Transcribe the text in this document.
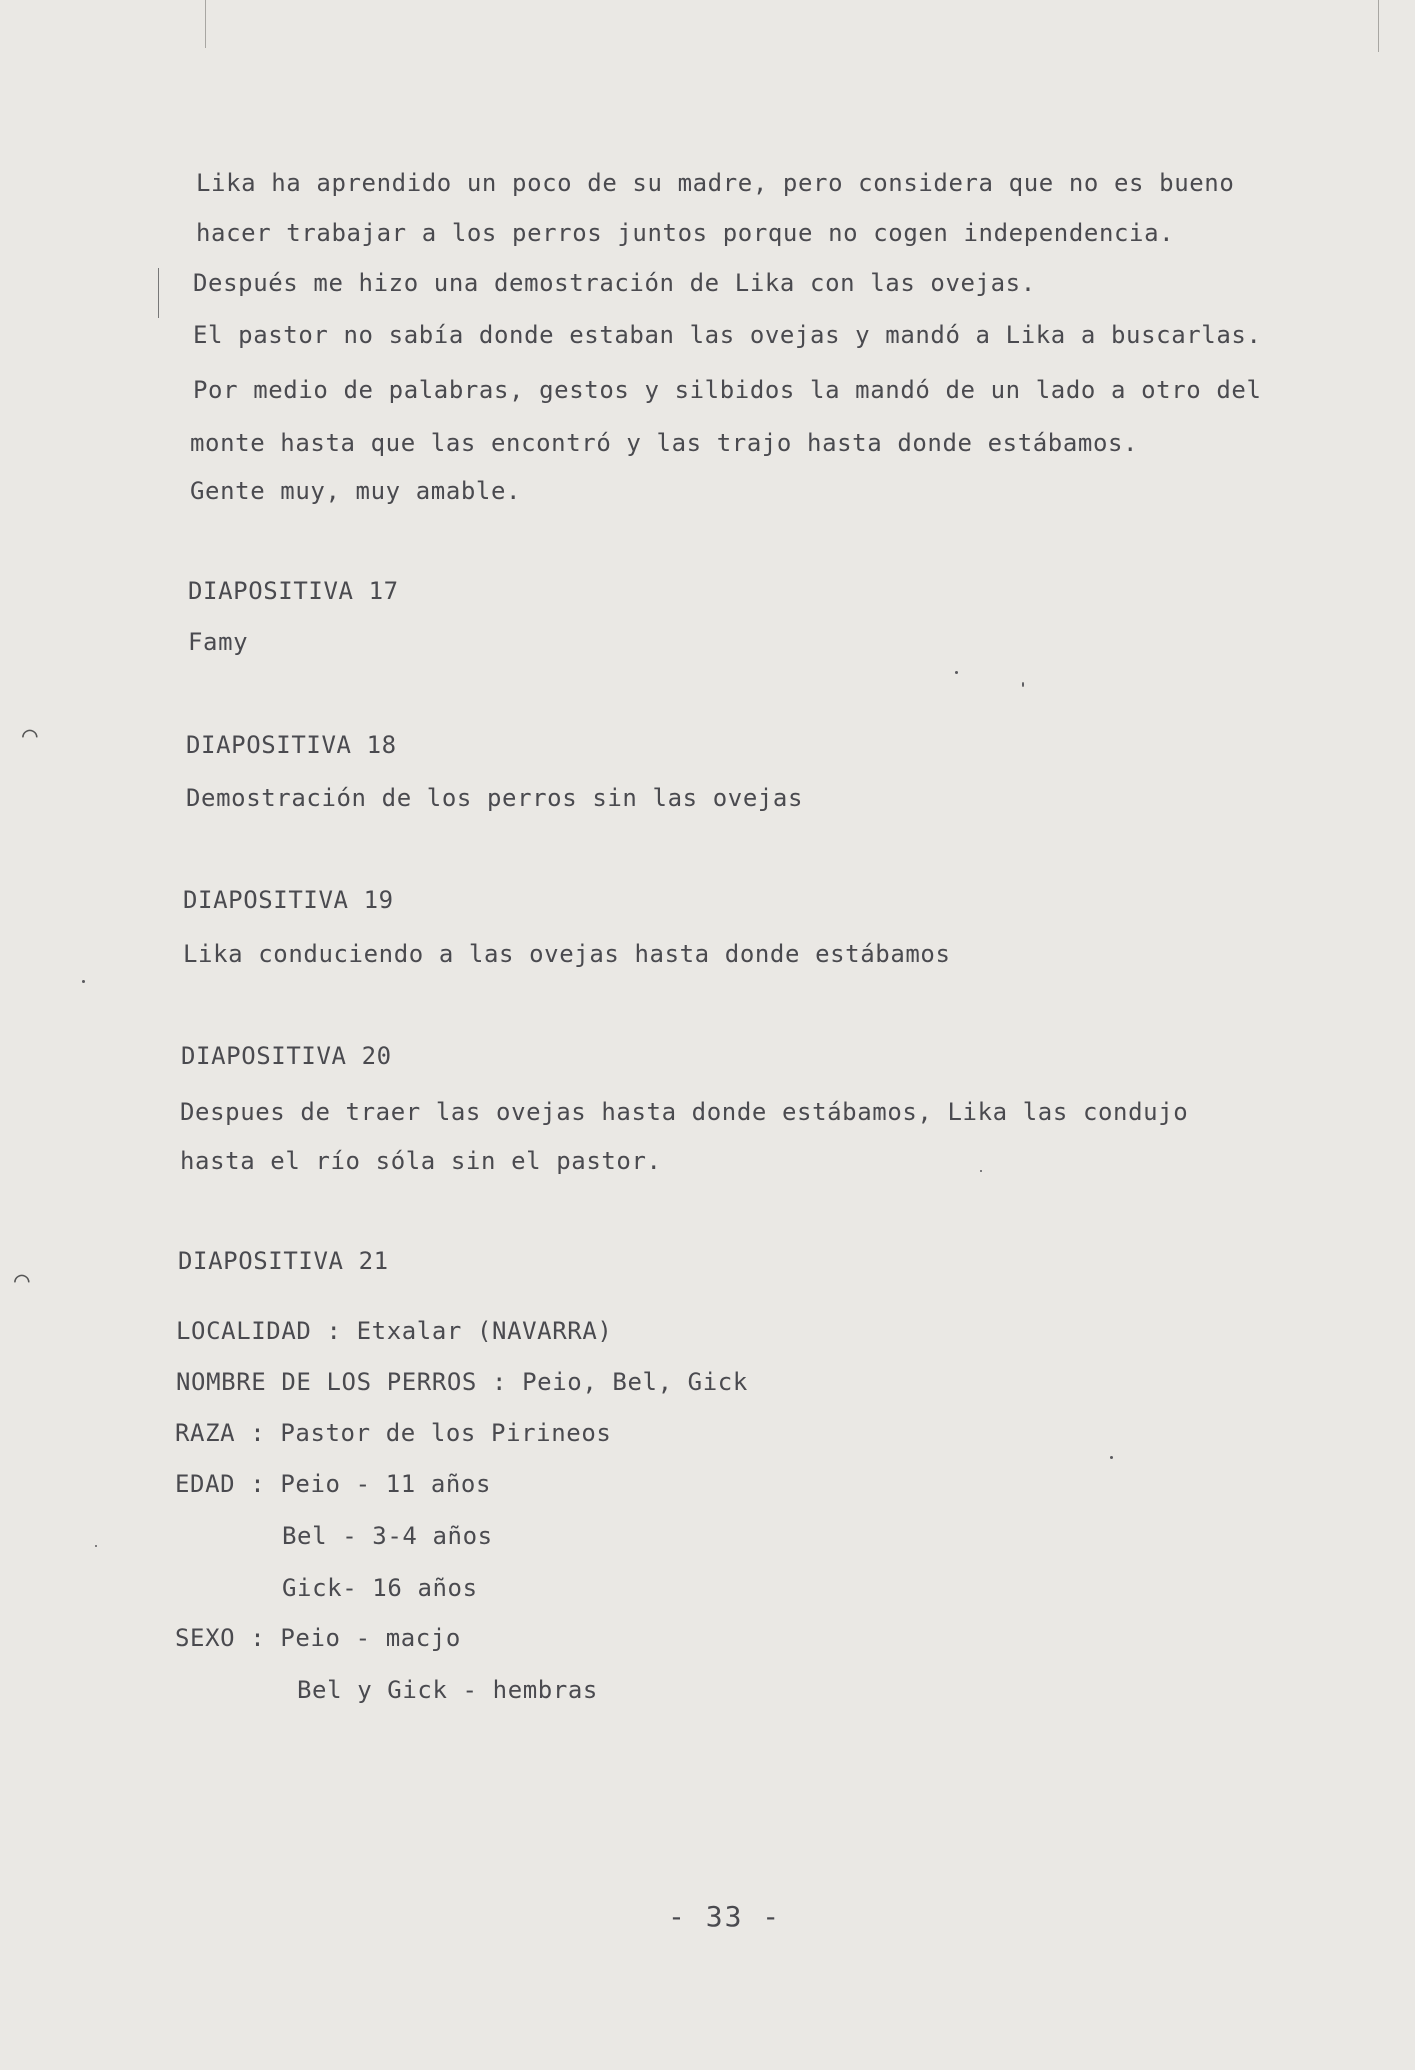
Lika ha aprendido un poco de su madre, pero considera que no es bueno
hacer trabajar a los perros juntos porque no cogen independencia.
Después me hizo una demostración de Lika con las ovejas.
El pastor no sabía donde estaban las ovejas y mandó a Lika a buscarlas.
Por medio de palabras, gestos y silbidos la mandó de un lado a otro del
monte hasta que las encontró y las trajo hasta donde estábamos.
Gente muy, muy amable.
DIAPOSITIVA 17
Famy
DIAPOSITIVA 18
Demostración de los perros sin las ovejas
DIAPOSITIVA 19
Lika conduciendo a las ovejas hasta donde estábamos
DIAPOSITIVA 20
Despues de traer las ovejas hasta donde estábamos, Lika las condujo
hasta el río sóla sin el pastor.
DIAPOSITIVA 21
LOCALIDAD : Etxalar (NAVARRA)
NOMBRE DE LOS PERROS : Peio, Bel, Gick
RAZA : Pastor de los Pirineos
EDAD : Peio - 11 años
Bel - 3-4 años
Gick- 16 años
SEXO : Peio - macjo
Bel y Gick - hembras
- 33 -
⌒
⌒
